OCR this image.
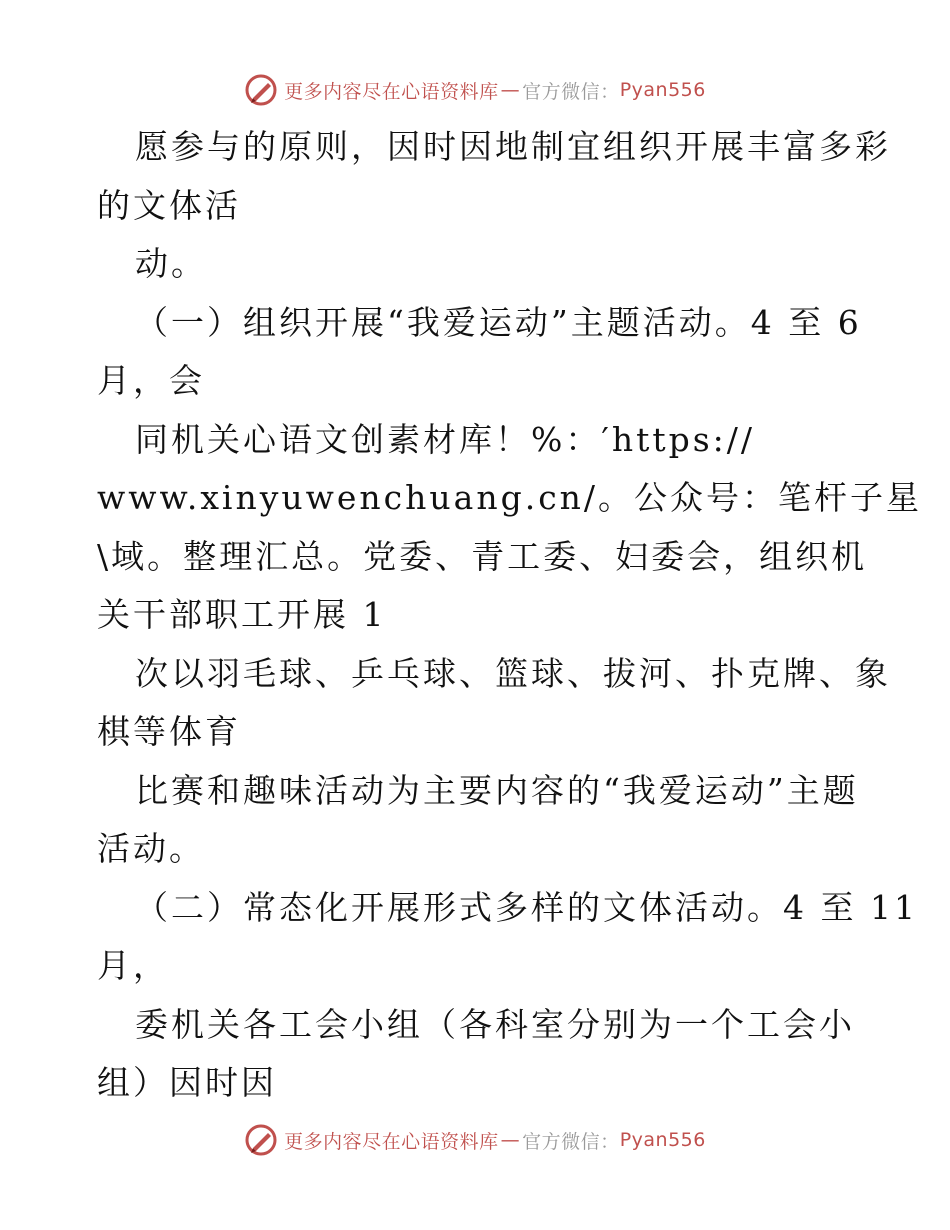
更多内容尽在心语资料库 — 官方微信： Pyan556
愿参与的原则，因时因地制宜组织开展丰富多彩
的文体活
动。
（一）组织开展“我爱运动”主题活动。4 至 6
月，会
同机关心语文创素材库！%：′https://
www.xinyuwenchuang.cn/。公众号：笔杆子星
\域。整理汇总。党委、青工委、妇委会，组织机
关干部职工开展 1
次以羽毛球、乒乓球、篮球、拔河、扑克牌、象
棋等体育
比赛和趣味活动为主要内容的“我爱运动”主题
活动。
（二）常态化开展形式多样的文体活动。4 至 11
月，
委机关各工会小组（各科室分别为一个工会小
组）因时因
更多内容尽在心语资料库 — 官方微信： Pyan556
